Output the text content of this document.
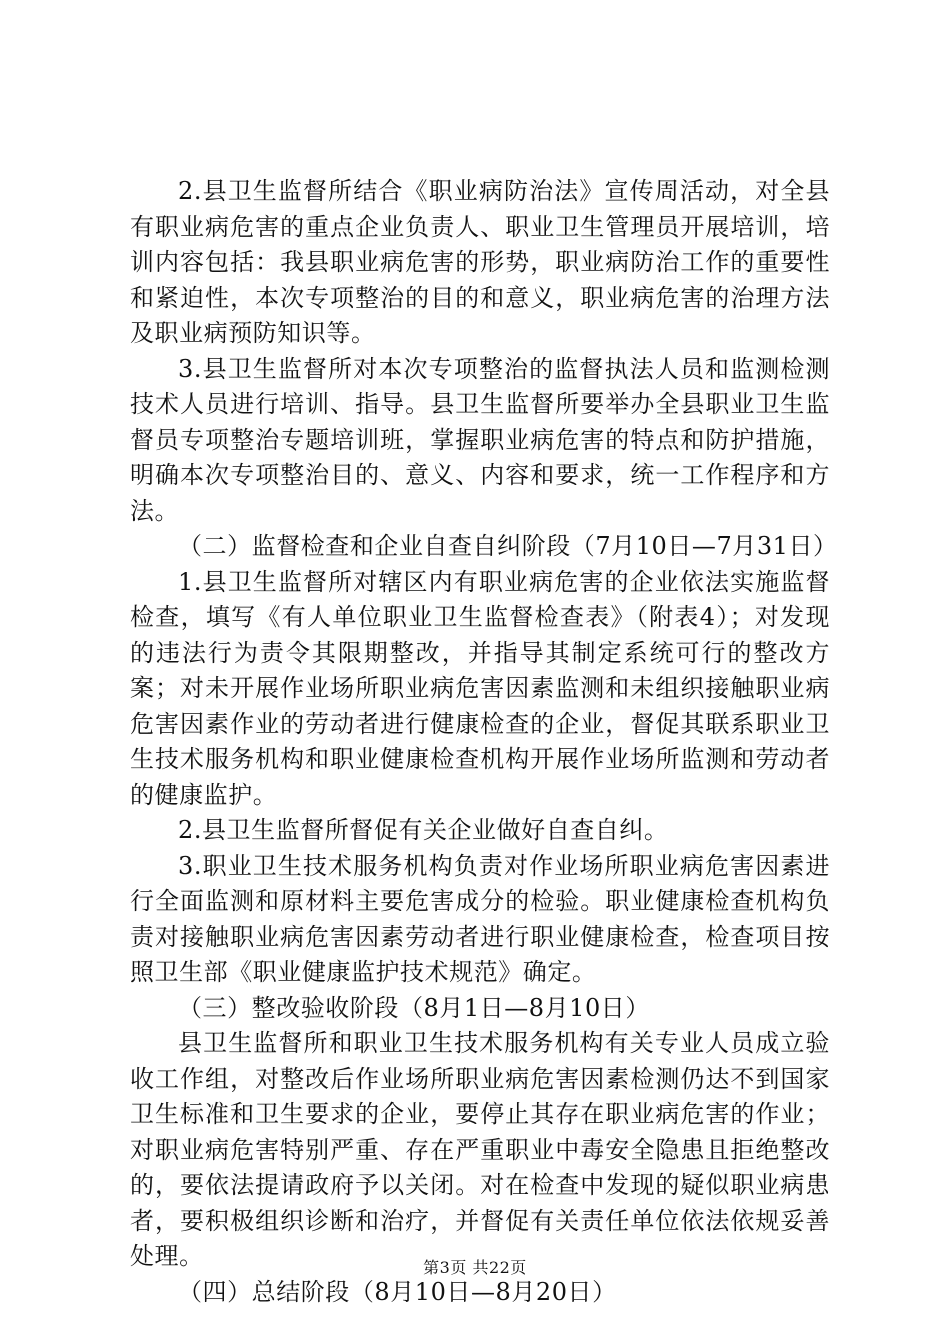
2.县卫生监督所结合《职业病防治法》宣传周活动，对全县有职业病危害的重点企业负责人、职业卫生管理员开展培训，培训内容包括：我县职业病危害的形势，职业病防治工作的重要性和紧迫性，本次专项整治的目的和意义，职业病危害的治理方法及职业病预防知识等。

3.县卫生监督所对本次专项整治的监督执法人员和监测检测技术人员进行培训、指导。县卫生监督所要举办全县职业卫生监督员专项整治专题培训班，掌握职业病危害的特点和防护措施，明确本次专项整治目的、意义、内容和要求，统一工作程序和方法。

（二）监督检查和企业自查自纠阶段（7月10日—7月31日）

1.县卫生监督所对辖区内有职业病危害的企业依法实施监督检查，填写《有人单位职业卫生监督检查表》（附表4）；对发现的违法行为责令其限期整改，并指导其制定系统可行的整改方案；对未开展作业场所职业病危害因素监测和未组织接触职业病危害因素作业的劳动者进行健康检查的企业，督促其联系职业卫生技术服务机构和职业健康检查机构开展作业场所监测和劳动者的健康监护。

2.县卫生监督所督促有关企业做好自查自纠。

3.职业卫生技术服务机构负责对作业场所职业病危害因素进行全面监测和原材料主要危害成分的检验。职业健康检查机构负责对接触职业病危害因素劳动者进行职业健康检查，检查项目按照卫生部《职业健康监护技术规范》确定。

（三）整改验收阶段（8月1日—8月10日）

县卫生监督所和职业卫生技术服务机构有关专业人员成立验收工作组，对整改后作业场所职业病危害因素检测仍达不到国家卫生标准和卫生要求的企业，要停止其存在职业病危害的作业；对职业病危害特别严重、存在严重职业中毒安全隐患且拒绝整改的，要依法提请政府予以关闭。对在检查中发现的疑似职业病患者，要积极组织诊断和治疗，并督促有关责任单位依法依规妥善处理。

（四）总结阶段（8月10日—8月20日）

第3页 共22页
